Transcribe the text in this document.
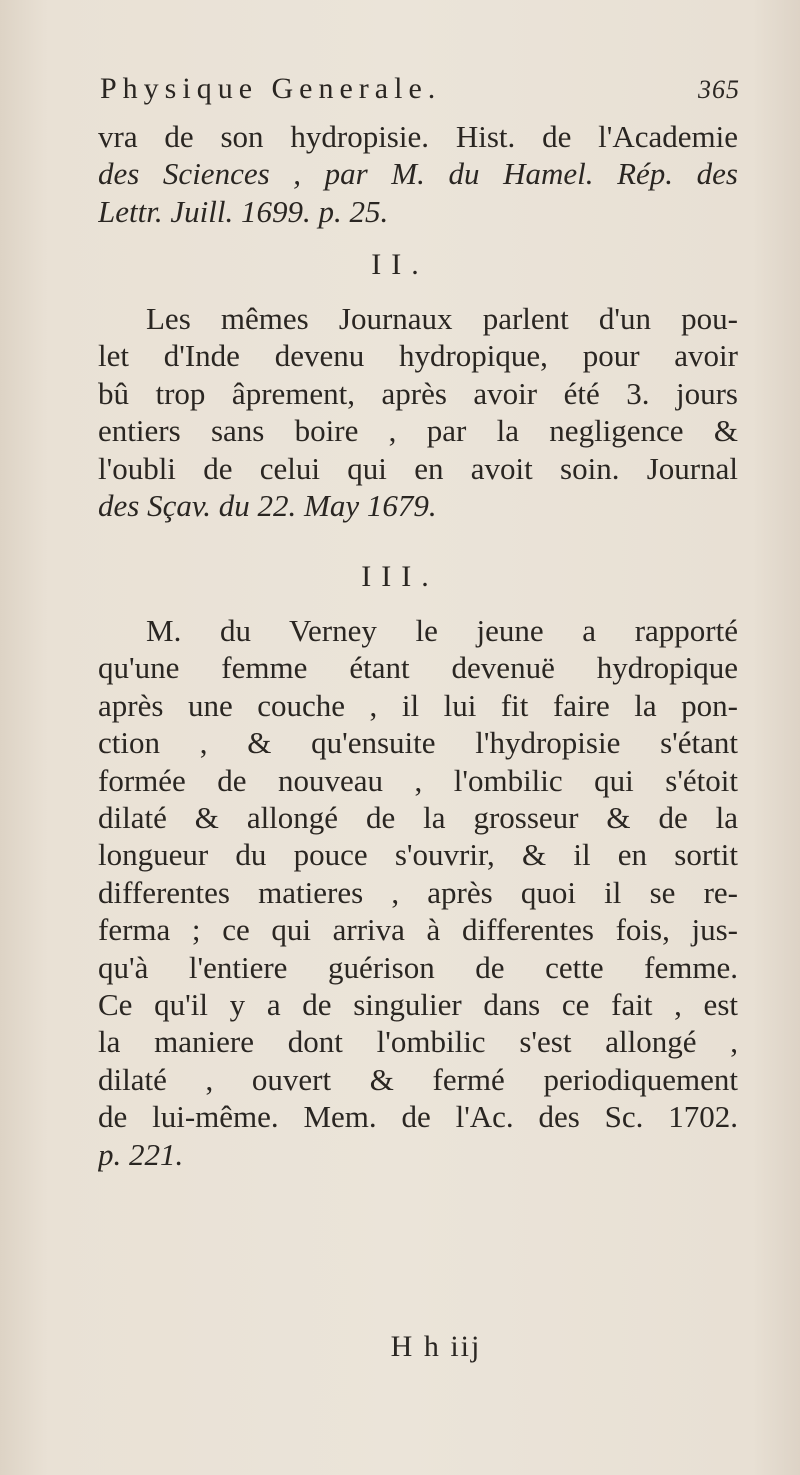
Physique Generale.	365
vra de son hydropisie. Hist. de l'Academie
des Sciences , par M. du Hamel. Rép. des
Lettr. Juill. 1699. p. 25.
II.
Les mêmes Journaux parlent d'un pou-
let d'Inde devenu hydropique, pour avoir
bû trop âprement, après avoir été 3. jours
entiers sans boire , par la negligence &
l'oubli de celui qui en avoit soin. Journal
des Sçav. du 22. May 1679.
III.
M. du Verney le jeune a rapporté
qu'une femme étant devenuë hydropique
après une couche , il lui fit faire la pon-
ction , & qu'ensuite l'hydropisie s'étant
formée de nouveau , l'ombilic qui s'étoit
dilaté & allongé de la grosseur & de la
longueur du pouce s'ouvrir, & il en sortit
differentes matieres , après quoi il se re-
ferma ; ce qui arriva à differentes fois, jus-
qu'à l'entiere guérison de cette femme.
Ce qu'il y a de singulier dans ce fait , est
la maniere dont l'ombilic s'est allongé ,
dilaté , ouvert & fermé periodiquement
de lui-même. Mem. de l'Ac. des Sc. 1702.
p. 221.
H h iij
